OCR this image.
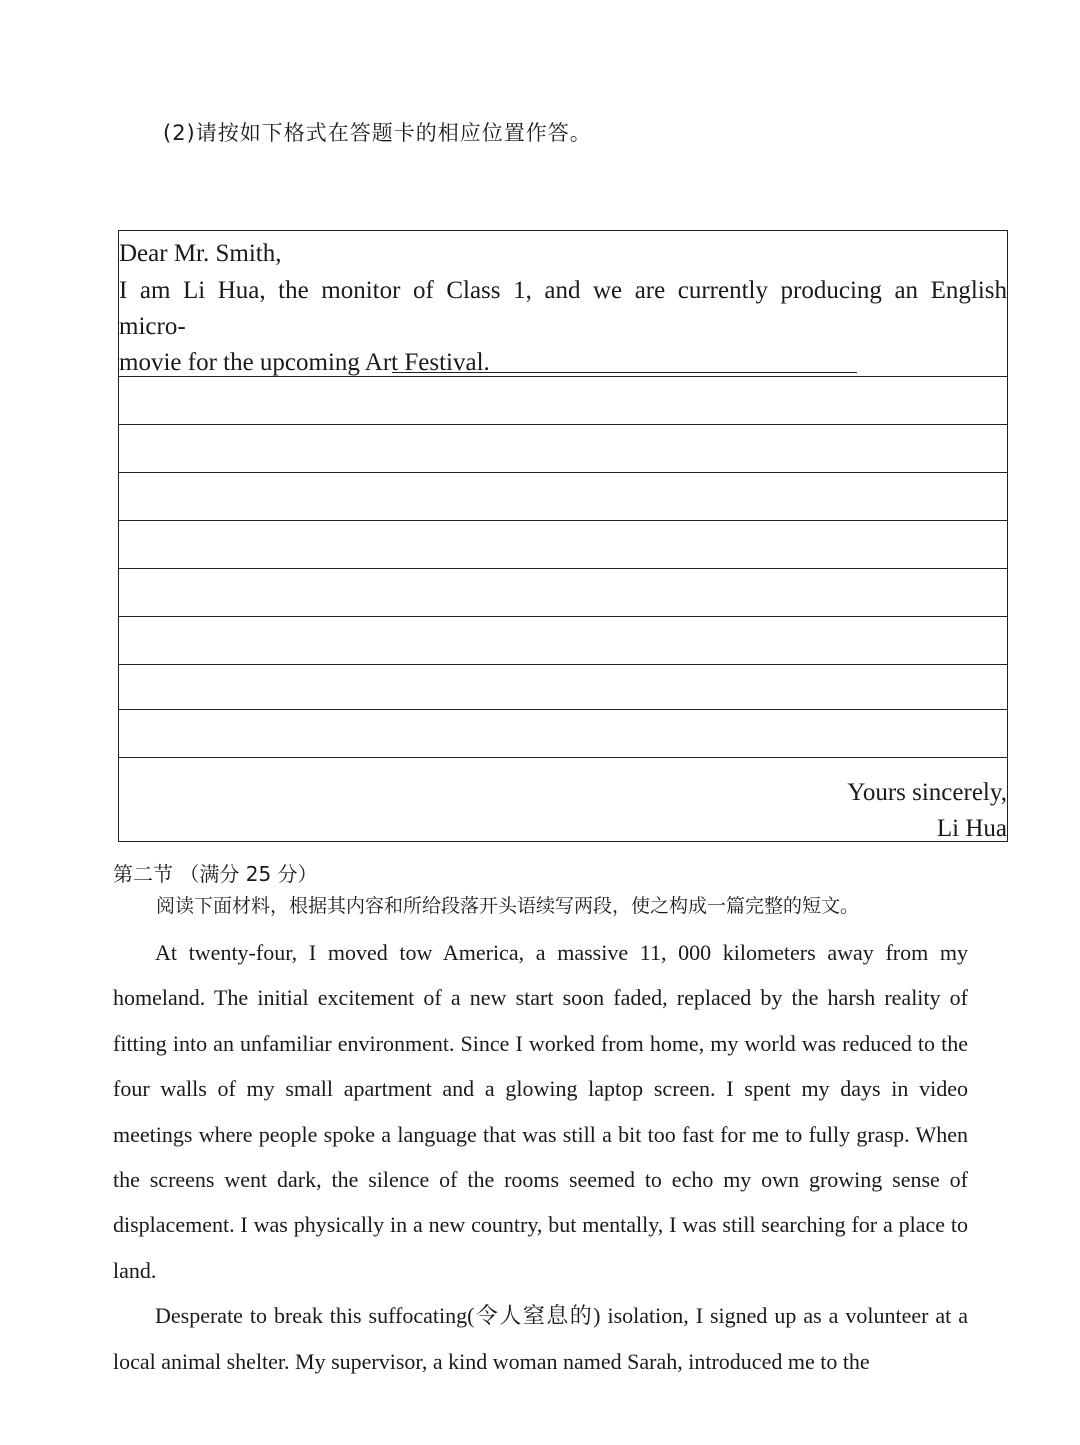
(2)请按如下格式在答题卡的相应位置作答。
Dear Mr. Smith,
I am Li Hua, the monitor of Class 1, and we are currently producing an English
micro-
movie for the upcoming Art Festival.
Yours sincerely,
Li Hua
第二节 （满分 25 分）
阅读下面材料，根据其内容和所给段落开头语续写两段，使之构成一篇完整的短文。

At twenty-four, I moved tow America, a massive 11, 000 kilometers away from my homeland. The initial excitement of a new start soon faded, replaced by the harsh reality of fitting into an unfamiliar environment. Since I worked from home, my world was reduced to the four walls of my small apartment and a glowing laptop screen. I spent my days in video meetings where people spoke a language that was still a bit too fast for me to fully grasp. When the screens went dark, the silence of the rooms seemed to echo my own growing sense of displacement. I was physically in a new country, but mentally, I was still searching for a place to land.

Desperate to break this suffocating(令人窒息的) isolation, I signed up as a volunteer at a local animal shelter. My supervisor, a kind woman named Sarah, introduced me to the
